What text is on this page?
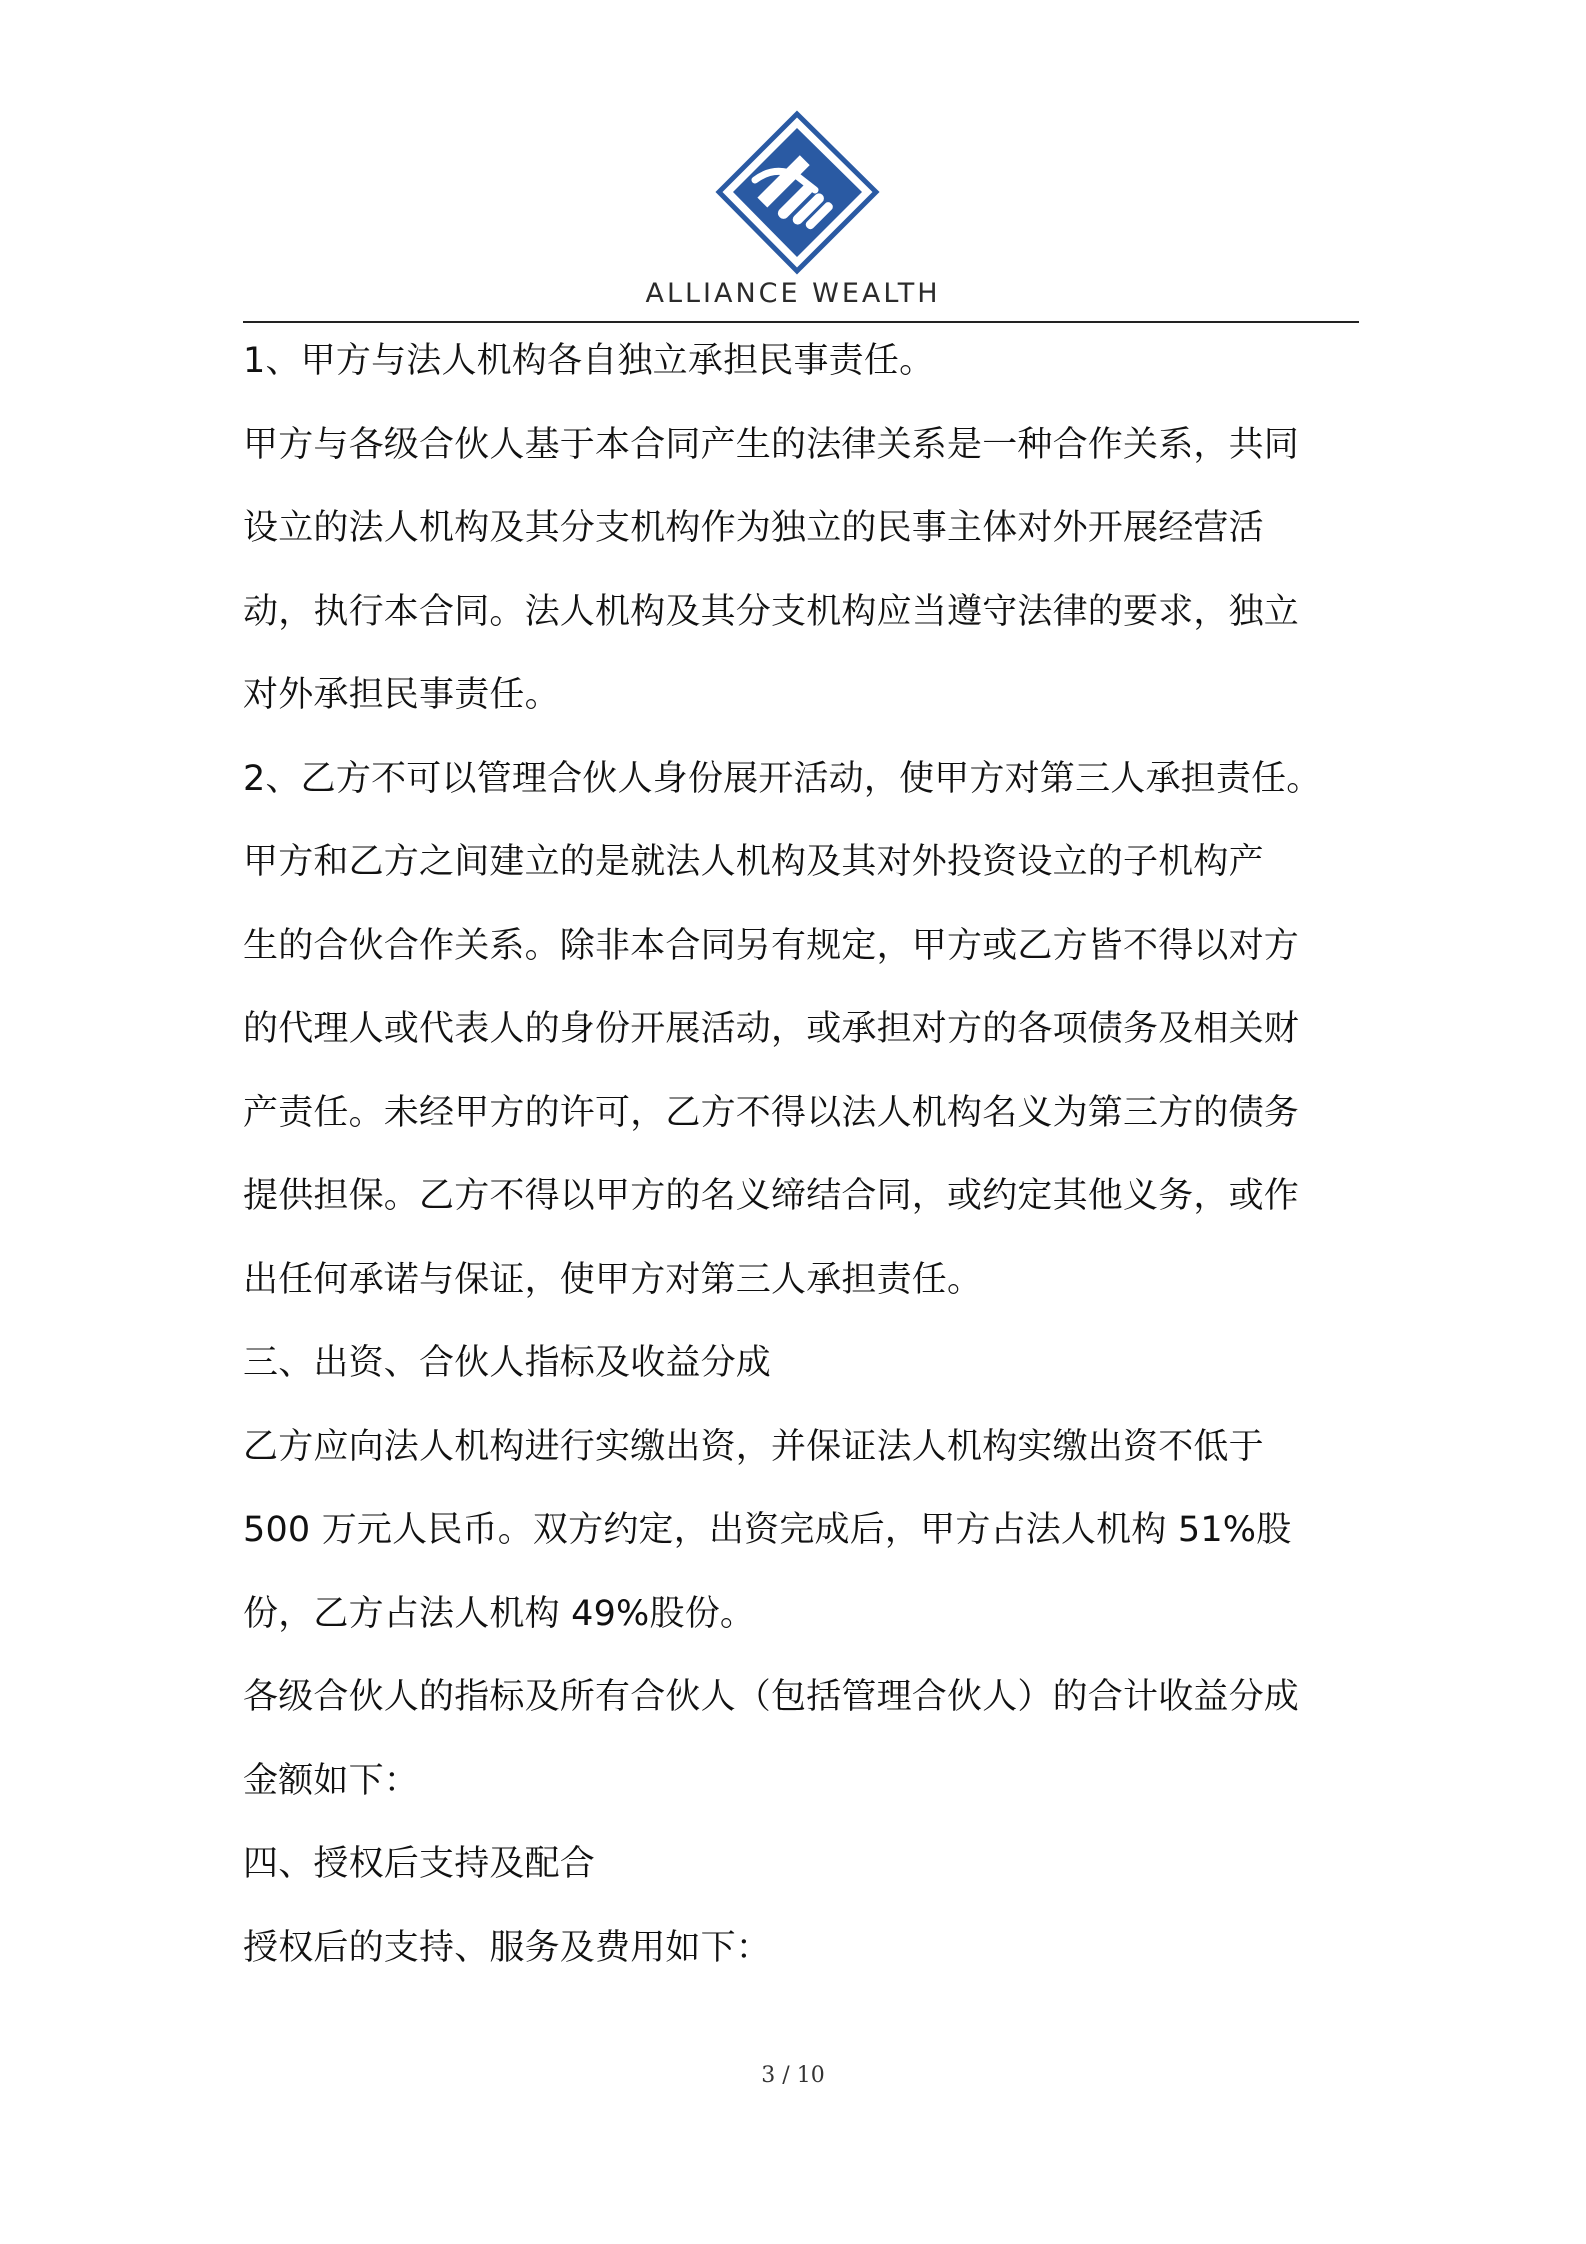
ALLIANCE WEALTH

1、甲方与法人机构各自独立承担民事责任。

甲方与各级合伙人基于本合同产生的法律关系是一种合作关系，共同

设立的法人机构及其分支机构作为独立的民事主体对外开展经营活

动，执行本合同。法人机构及其分支机构应当遵守法律的要求，独立

对外承担民事责任。

2、乙方不可以管理合伙人身份展开活动，使甲方对第三人承担责任。

甲方和乙方之间建立的是就法人机构及其对外投资设立的子机构产

生的合伙合作关系。除非本合同另有规定，甲方或乙方皆不得以对方

的代理人或代表人的身份开展活动，或承担对方的各项债务及相关财

产责任。未经甲方的许可，乙方不得以法人机构名义为第三方的债务

提供担保。乙方不得以甲方的名义缔结合同，或约定其他义务，或作

出任何承诺与保证，使甲方对第三人承担责任。

三、出资、合伙人指标及收益分成

乙方应向法人机构进行实缴出资，并保证法人机构实缴出资不低于

500 万元人民币。双方约定，出资完成后，甲方占法人机构 51%股

份，乙方占法人机构 49%股份。

各级合伙人的指标及所有合伙人（包括管理合伙人）的合计收益分成

金额如下：

四、授权后支持及配合

授权后的支持、服务及费用如下：

3 / 10
